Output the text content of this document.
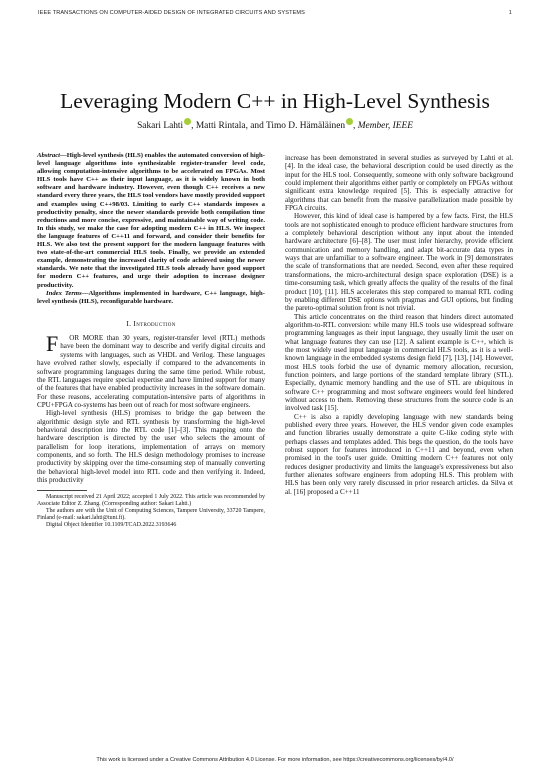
IEEE TRANSACTIONS ON COMPUTER-AIDED DESIGN OF INTEGRATED CIRCUITS AND SYSTEMS	1
Leveraging Modern C++ in High-Level Synthesis
Sakari Lahti , Matti Rintala, and Timo D. Hämäläinen , Member, IEEE

Abstract—High-level synthesis (HLS) enables the automated conversion of high-level language algorithms into synthesizable register-transfer level code, allowing computation-intensive algorithms to be accelerated on FPGAs. Most HLS tools have C++ as their input language, as it is widely known in both software and hardware industry. However, even though C++ receives a new standard every three years, the HLS tool vendors have mostly provided support and examples using C++98/03. Limiting to early C++ standards imposes a productivity penalty, since the newer standards provide both compilation time reductions and more concise, expressive, and maintainable way of writing code. In this study, we make the case for adopting modern C++ in HLS. We inspect the language features of C++11 and forward, and consider their benefits for HLS. We also test the present support for the modern language features with two state-of-the-art commercial HLS tools. Finally, we provide an extended example, demonstrating the increased clarity of code achieved using the newer standards. We note that the investigated HLS tools already have good support for modern C++ features, and urge their adoption to increase designer productivity.

Index Terms—Algorithms implemented in hardware, C++ language, high-level synthesis (HLS), reconfigurable hardware.

I. Introduction

F OR MORE than 30 years, register-transfer level (RTL) methods have been the dominant way to describe and verify digital circuits and systems with languages, such as VHDL and Verilog. These languages have evolved rather slowly, especially if compared to the advancements in software programming languages during the same time period. While robust, the RTL languages require special expertise and have limited support for many of the features that have enabled productivity increases in the software domain. For these reasons, accelerating computation-intensive parts of algorithms in CPU+FPGA co-systems has been out of reach for most software engineers.

High-level synthesis (HLS) promises to bridge the gap between the algorithmic design style and RTL synthesis by transforming the high-level behavioral description into the RTL code [1]–[3]. This mapping onto the hardware description is directed by the user who selects the amount of parallelism for loop iterations, implementation of arrays on memory components, and so forth. The HLS design methodology promises to increase productivity by skipping over the time-consuming step of manually converting the behavioral high-level model into RTL code and then verifying it. Indeed, this productivity

Manuscript received 21 April 2022; accepted 1 July 2022. This article was recommended by Associate Editor Z. Zhang. (Corresponding author: Sakari Lahti.)

The authors are with the Unit of Computing Sciences, Tampere University, 33720 Tampere, Finland (e-mail: sakari.lahti@tuni.fi).

Digital Object Identifier 10.1109/TCAD.2022.3193646

increase has been demonstrated in several studies as surveyed by Lahti et al. [4]. In the ideal case, the behavioral description could be used directly as the input for the HLS tool. Consequently, someone with only software background could implement their algorithms either partly or completely on FPGAs without significant extra knowledge required [5]. This is especially attractive for algorithms that can benefit from the massive parallelization made possible by FPGA circuits.

However, this kind of ideal case is hampered by a few facts. First, the HLS tools are not sophisticated enough to produce efficient hardware structures from a completely behavioral description without any input about the intended hardware architecture [6]–[8]. The user must infer hierarchy, provide efficient communication and memory handling, and adapt bit-accurate data types in ways that are unfamiliar to a software engineer. The work in [9] demonstrates the scale of transformations that are needed. Second, even after these required transformations, the micro-architectural design space exploration (DSE) is a time-consuming task, which greatly affects the quality of the results of the final product [10], [11]. HLS accelerates this step compared to manual RTL coding by enabling different DSE options with pragmas and GUI options, but finding the pareto-optimal solution front is not trivial.

This article concentrates on the third reason that hinders direct automated algorithm-to-RTL conversion: while many HLS tools use widespread software programming languages as their input language, they usually limit the user on what language features they can use [12]. A salient example is C++, which is the most widely used input language in commercial HLS tools, as it is a well-known language in the embedded systems design field [7], [13], [14]. However, most HLS tools forbid the use of dynamic memory allocation, recursion, function pointers, and large portions of the standard template library (STL). Especially, dynamic memory handling and the use of STL are ubiquitous in software C++ programming and most software engineers would feel hindered without access to them. Removing these structures from the source code is an involved task [15].

C++ is also a rapidly developing language with new standards being published every three years. However, the HLS vendor given code examples and function libraries usually demonstrate a quite C-like coding style with perhaps classes and templates added. This begs the question, do the tools have robust support for features introduced in C++11 and beyond, even when promised in the tool's user guide. Omitting modern C++ features not only reduces designer productivity and limits the language's expressiveness but also further alienates software engineers from adopting HLS. This problem with HLS has been only very rarely discussed in prior research articles. da Silva et al. [16] proposed a C++11

This work is licensed under a Creative Commons Attribution 4.0 License. For more information, see https://creativecommons.org/licenses/by/4.0/
